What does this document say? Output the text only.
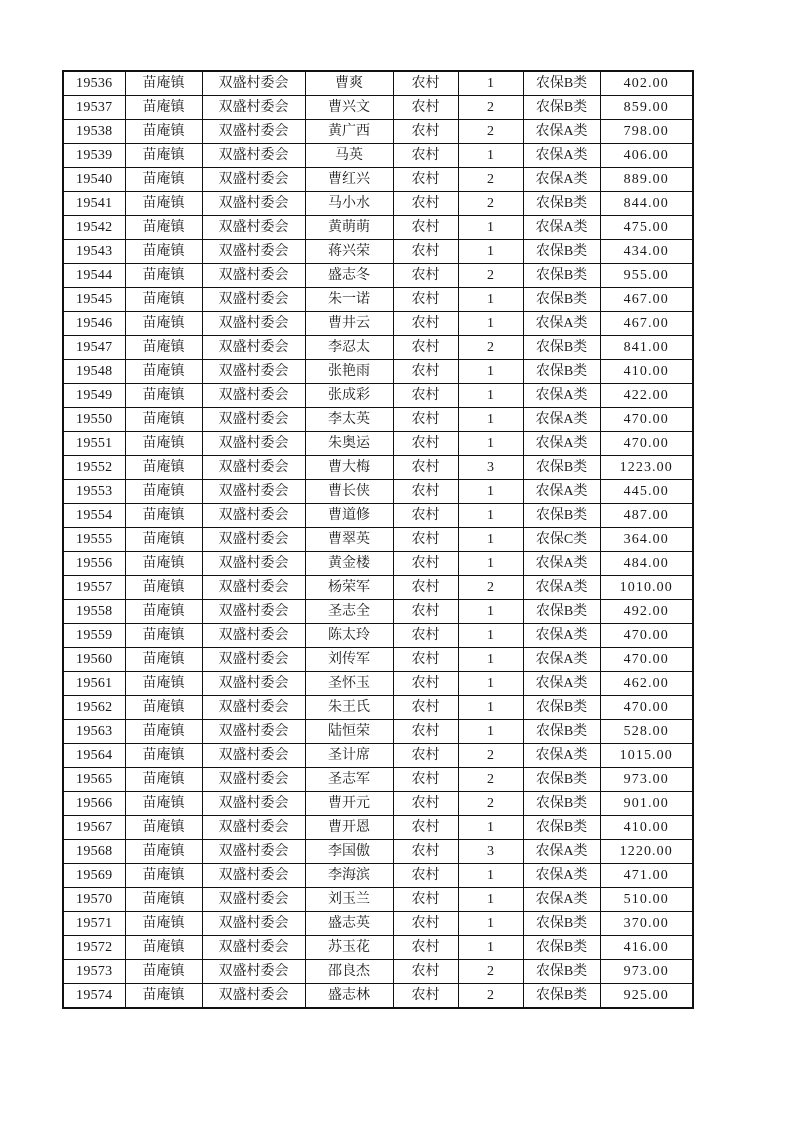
19536	苗庵镇	双盛村委会	曹爽	农村	1	农保B类	402.00
19537	苗庵镇	双盛村委会	曹兴文	农村	2	农保B类	859.00
19538	苗庵镇	双盛村委会	黄广西	农村	2	农保A类	798.00
19539	苗庵镇	双盛村委会	马英	农村	1	农保A类	406.00
19540	苗庵镇	双盛村委会	曹红兴	农村	2	农保A类	889.00
19541	苗庵镇	双盛村委会	马小水	农村	2	农保B类	844.00
19542	苗庵镇	双盛村委会	黄萌萌	农村	1	农保A类	475.00
19543	苗庵镇	双盛村委会	蒋兴荣	农村	1	农保B类	434.00
19544	苗庵镇	双盛村委会	盛志冬	农村	2	农保B类	955.00
19545	苗庵镇	双盛村委会	朱一诺	农村	1	农保B类	467.00
19546	苗庵镇	双盛村委会	曹井云	农村	1	农保A类	467.00
19547	苗庵镇	双盛村委会	李忍太	农村	2	农保B类	841.00
19548	苗庵镇	双盛村委会	张艳雨	农村	1	农保B类	410.00
19549	苗庵镇	双盛村委会	张成彩	农村	1	农保A类	422.00
19550	苗庵镇	双盛村委会	李太英	农村	1	农保A类	470.00
19551	苗庵镇	双盛村委会	朱奥运	农村	1	农保A类	470.00
19552	苗庵镇	双盛村委会	曹大梅	农村	3	农保B类	1223.00
19553	苗庵镇	双盛村委会	曹长侠	农村	1	农保A类	445.00
19554	苗庵镇	双盛村委会	曹道修	农村	1	农保B类	487.00
19555	苗庵镇	双盛村委会	曹翠英	农村	1	农保C类	364.00
19556	苗庵镇	双盛村委会	黄金楼	农村	1	农保A类	484.00
19557	苗庵镇	双盛村委会	杨荣军	农村	2	农保A类	1010.00
19558	苗庵镇	双盛村委会	圣志全	农村	1	农保B类	492.00
19559	苗庵镇	双盛村委会	陈太玲	农村	1	农保A类	470.00
19560	苗庵镇	双盛村委会	刘传军	农村	1	农保A类	470.00
19561	苗庵镇	双盛村委会	圣怀玉	农村	1	农保A类	462.00
19562	苗庵镇	双盛村委会	朱王氏	农村	1	农保B类	470.00
19563	苗庵镇	双盛村委会	陆恒荣	农村	1	农保B类	528.00
19564	苗庵镇	双盛村委会	圣计席	农村	2	农保A类	1015.00
19565	苗庵镇	双盛村委会	圣志军	农村	2	农保B类	973.00
19566	苗庵镇	双盛村委会	曹开元	农村	2	农保B类	901.00
19567	苗庵镇	双盛村委会	曹开恩	农村	1	农保B类	410.00
19568	苗庵镇	双盛村委会	李国傲	农村	3	农保A类	1220.00
19569	苗庵镇	双盛村委会	李海滨	农村	1	农保A类	471.00
19570	苗庵镇	双盛村委会	刘玉兰	农村	1	农保A类	510.00
19571	苗庵镇	双盛村委会	盛志英	农村	1	农保B类	370.00
19572	苗庵镇	双盛村委会	苏玉花	农村	1	农保B类	416.00
19573	苗庵镇	双盛村委会	邵良杰	农村	2	农保B类	973.00
19574	苗庵镇	双盛村委会	盛志林	农村	2	农保B类	925.00
